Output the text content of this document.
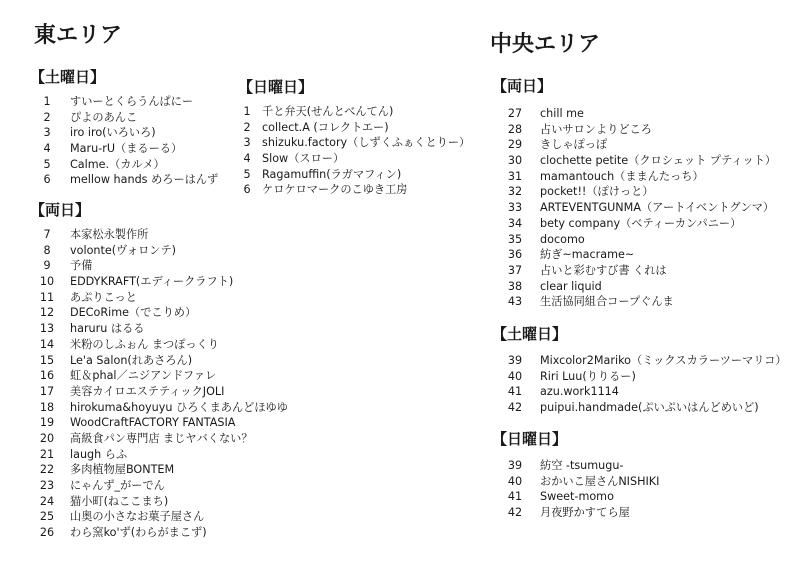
東エリア
【土曜日】
1	すいーとくらうんぱにー
2	ぴよのあんこ
3	iro iro(いろいろ)
4	Maru-rU（まるーる）
5	Calme.（カルメ）
6	mellow hands めろーはんず
【日曜日】
1	千と弁天(せんとべんてん)
2	collect.A (コレクトエー)
3	shizuku.factory（しずくふぁくとりー）
4	Slow（スロー）
5	Ragamuffin(ラガマフィン)
6	ケロケロマークのこゆき工房
【両日】
7	本家松永製作所
8	volonte(ヴォロンテ)
9	予備
10	EDDYKRAFT(エディークラフト)
11	あぷりこっと
12	DECoRime（でこりめ）
13	haruru はるる
14	米粉のしふぉん まつぽっくり
15	Le'a Salon(れあさろん)
16	虹＆phal／ニジアンドファレ
17	美容カイロエステティックJOLI
18	hirokuma&hoyuyu ひろくまあんどほゆゆ
19	WoodCraftFACTORY FANTASIA
20	高級食パン専門店 まじヤバくない？
21	laugh らふ
22	多肉植物屋BONTEM
23	にゃんず_がーでん
24	猫小町(ねここまち)
25	山奥の小さなお菓子屋さん
26	わら窯ko'ず(わらがまこず)
中央エリア
【両日】
27	chill me
28	占いサロンよりどころ
29	きしゃぽっぽ
30	clochette petite（クロシェット プティット）
31	mamantouch（ままんたっち）
32	pocket!!（ぽけっと）
33	ARTEVENTGUNMA（アートイベントグンマ）
34	bety company（ベティーカンパニー）
35	docomo
36	紡ぎ~macrame~
37	占いと彩むすび書 くれは
38	clear liquid
43	生活協同組合コープぐんま
【土曜日】
39	Mixcolor2Mariko（ミックスカラーツーマリコ）
40	Riri Luu(りりるー)
41	azu.work1114
42	puipui.handmade(ぷいぷいはんどめいど)
【日曜日】
39	紡空 -tsumugu-
40	おかいこ屋さんNISHIKI
41	Sweet-momo
42	月夜野かすてら屋
